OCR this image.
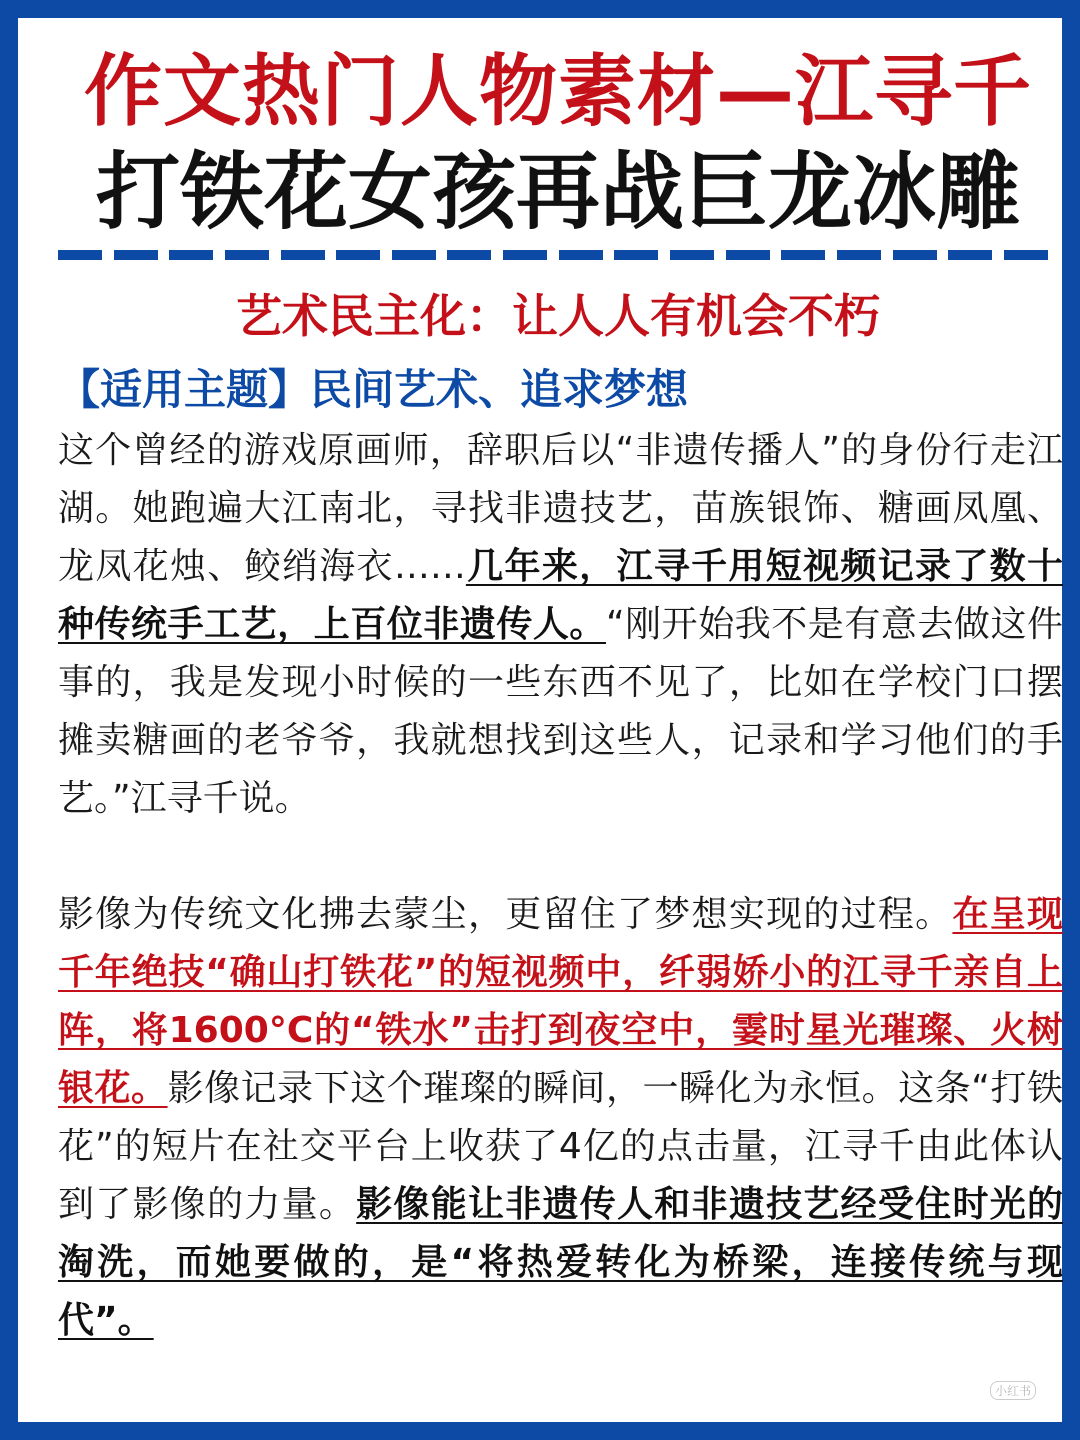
作文热门人物素材—江寻千
打铁花女孩再战巨龙冰雕
艺术民主化：让人人有机会不朽
【适用主题】民间艺术、追求梦想

这个曾经的游戏原画师，辞职后以“非遗传播人”的身份行走江湖。她跑遍大江南北，寻找非遗技艺，苗族银饰、糖画凤凰、龙凤花烛、鲛绡海衣……几年来，江寻千用短视频记录了数十种传统手工艺，上百位非遗传人。“刚开始我不是有意去做这件事的，我是发现小时候的一些东西不见了，比如在学校门口摆摊卖糖画的老爷爷，我就想找到这些人，记录和学习他们的手艺。”江寻千说。

影像为传统文化拂去蒙尘，更留住了梦想实现的过程。在呈现千年绝技“确山打铁花”的短视频中，纤弱娇小的江寻千亲自上阵，将1600°C的“铁水”击打到夜空中，霎时星光璀璨、火树银花。影像记录下这个璀璨的瞬间，一瞬化为永恒。这条“打铁花”的短片在社交平台上收获了4亿的点击量，江寻千由此体认到了影像的力量。影像能让非遗传人和非遗技艺经受住时光的淘洗，而她要做的，是“将热爱转化为桥梁，连接传统与现代”。

小红书
